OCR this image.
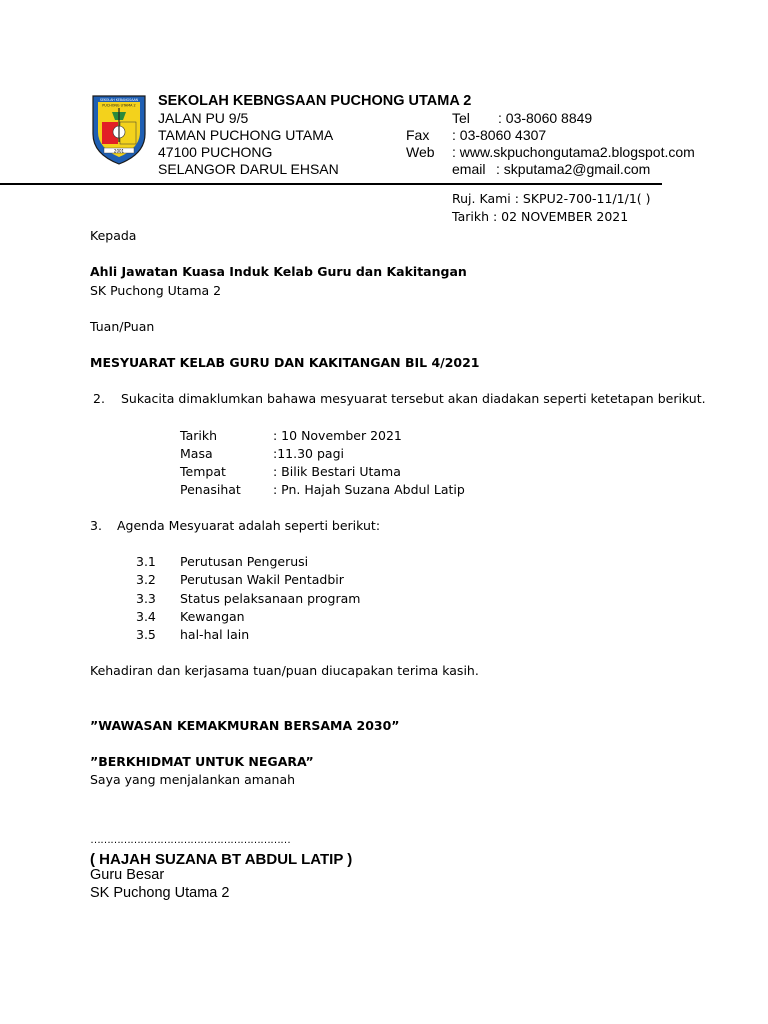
2001
SEKOLAH KEBANGSAAN
PUCHONG UTAMA 2 SEKOLAH KEBNGSAAN PUCHONG UTAMA 2
JALAN PU 9/5
TAMAN PUCHONG UTAMA
47100 PUCHONG
SELANGOR DARUL EHSAN
Tel : 03-8060 8849
Fax : 03-8060 4307
Web : www.skpuchongutama2.blogspot.com
email : skputama2@gmail.com
Ruj. Kami : SKPU2-700-11/1/1( )
Tarikh : 02 NOVEMBER 2021
Kepada
Ahli Jawatan Kuasa Induk Kelab Guru dan Kakitangan
SK Puchong Utama 2
Tuan/Puan
MESYUARAT KELAB GURU DAN KAKITANGAN BIL 4/2021
2. Sukacita dimaklumkan bahawa mesyuarat tersebut akan diadakan seperti ketetapan berikut.
Tarikh	: 10 November 2021
Masa	:11.30 pagi
Tempat	: Bilik Bestari Utama
Penasihat	: Pn. Hajah Suzana Abdul Latip
3. Agenda Mesyuarat adalah seperti berikut:
3.1 Perutusan Pengerusi
3.2 Perutusan Wakil Pentadbir
3.3 Status pelaksanaan program
3.4 Kewangan
3.5 hal-hal lain
Kehadiran dan kerjasama tuan/puan diucapakan terima kasih.
”WAWASAN KEMAKMURAN BERSAMA 2030”
”BERKHIDMAT UNTUK NEGARA”
Saya yang menjalankan amanah
……………………………………………………
( HAJAH SUZANA BT ABDUL LATIP )
Guru Besar
SK Puchong Utama 2
